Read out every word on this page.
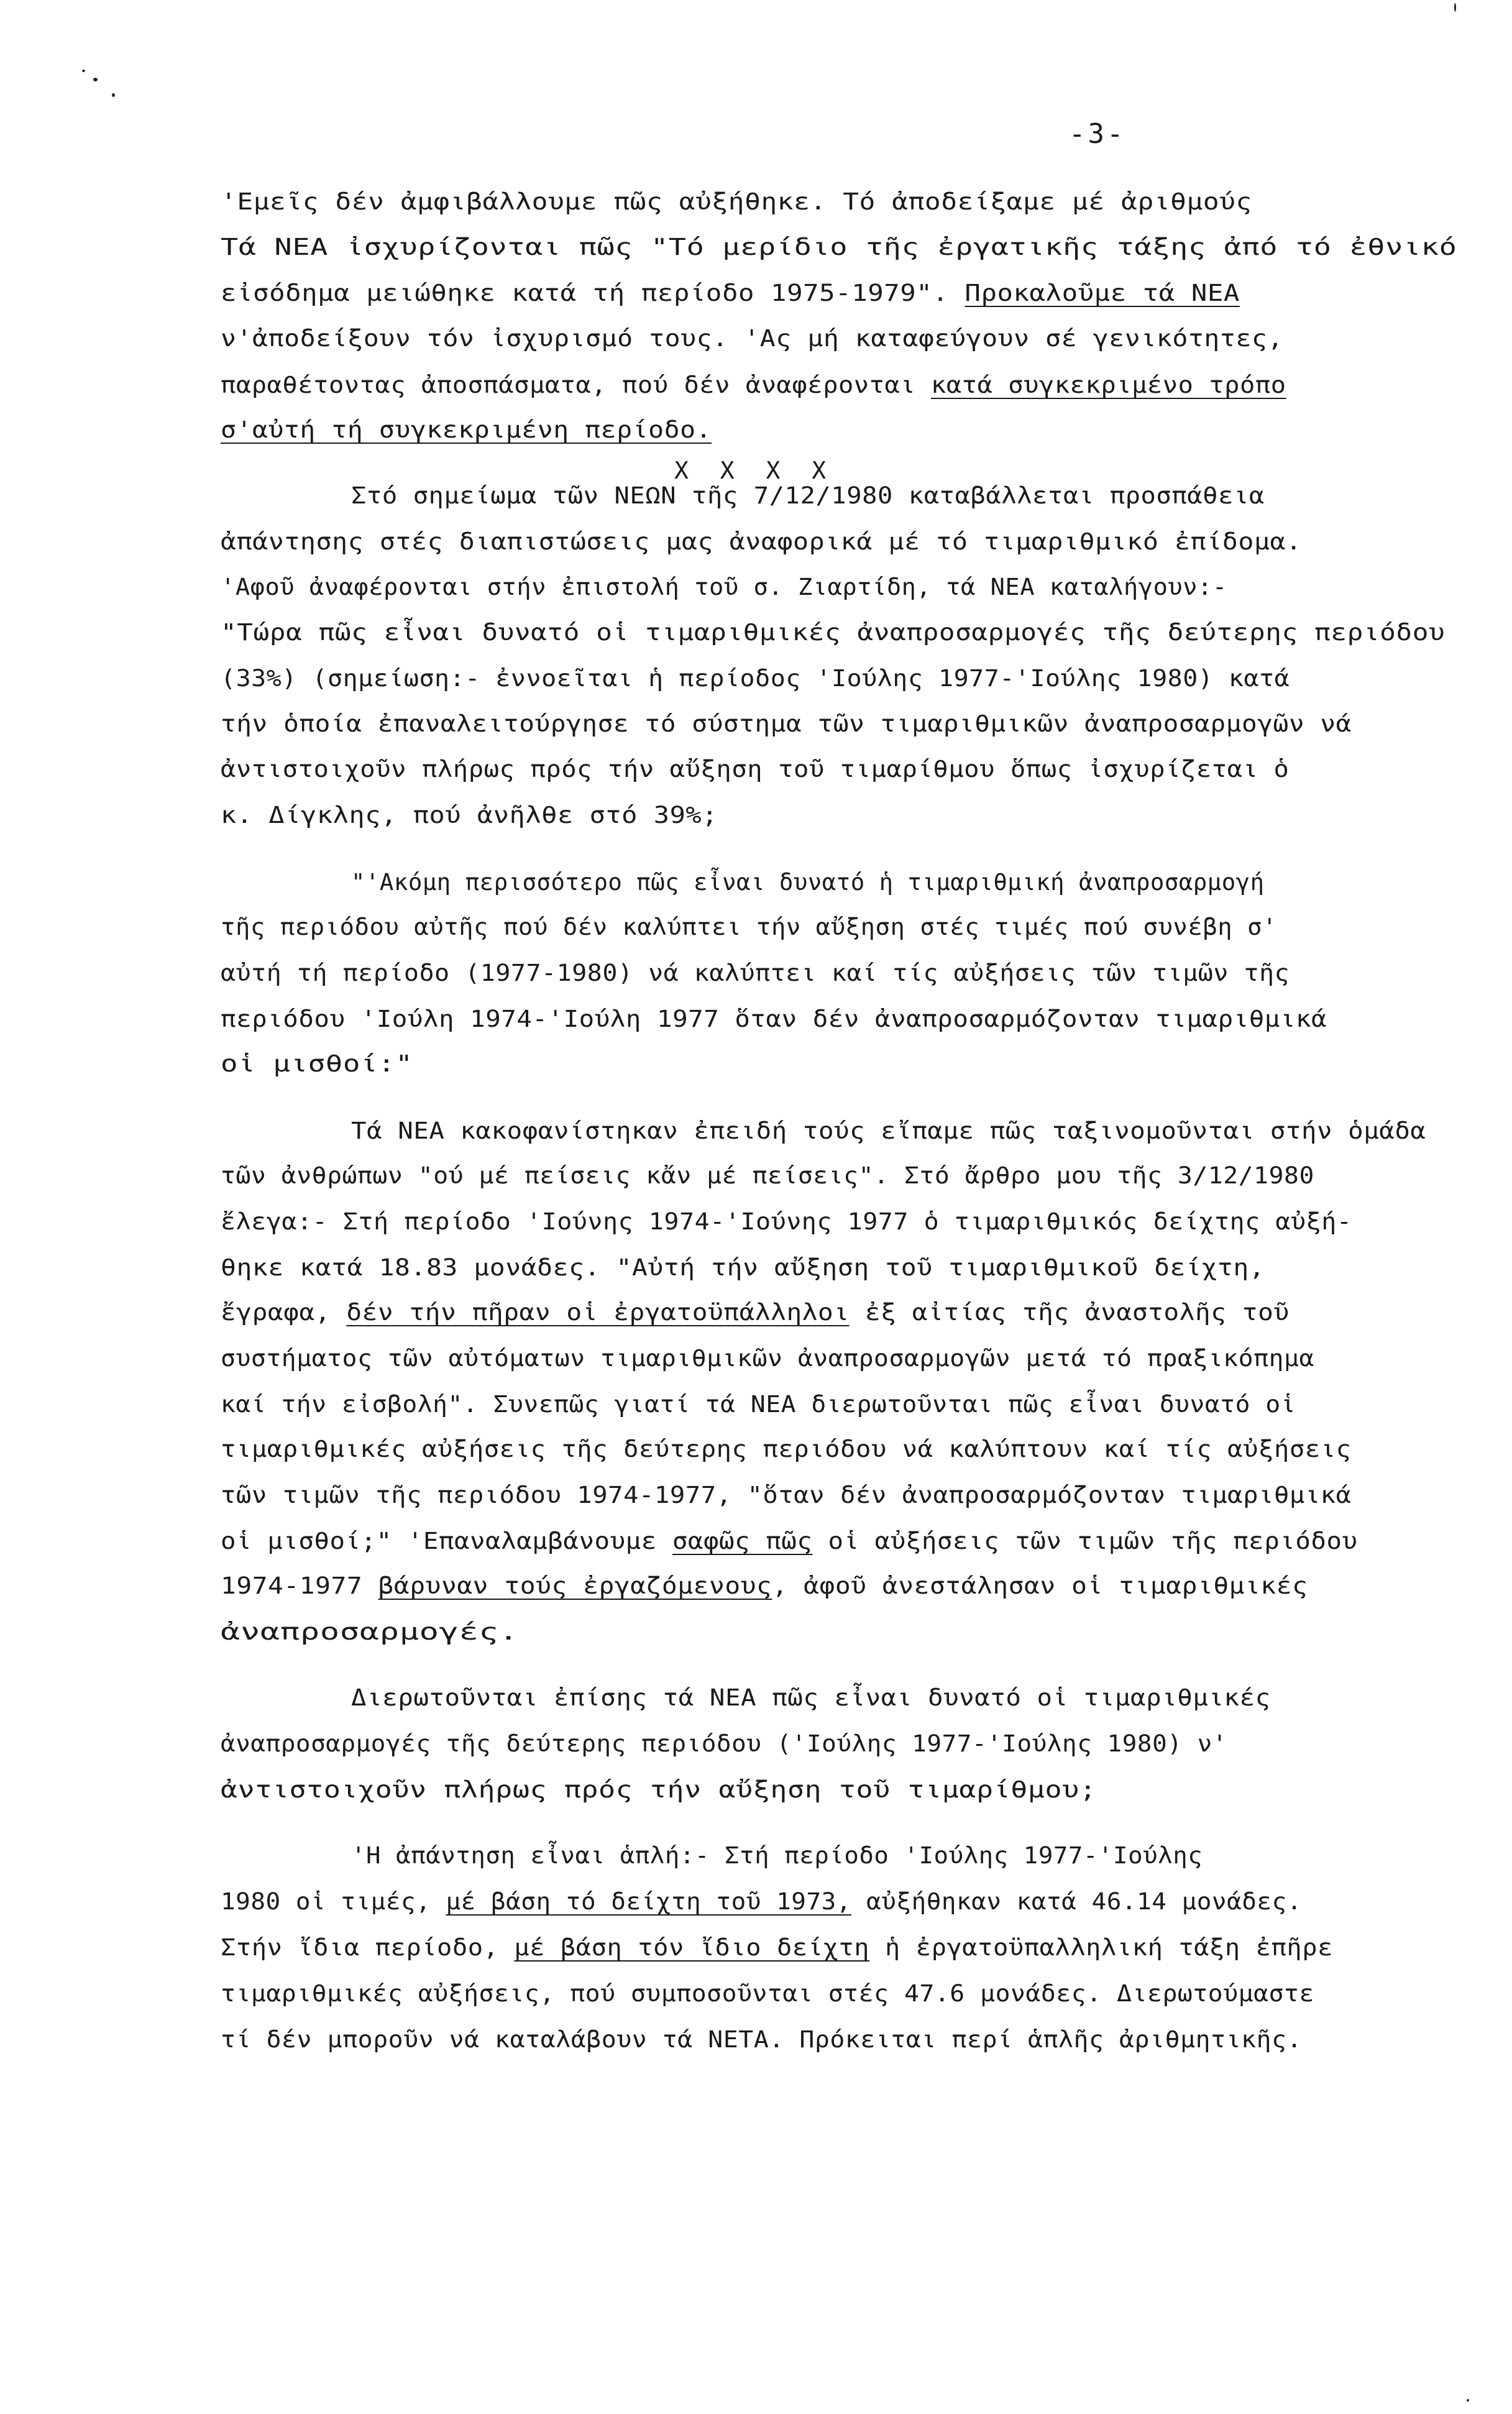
-3-
X X X X
'Εμεῖς δέν ἀμφιβάλλουμε πῶς αὐξήθηκε. Τό ἀποδείξαμε μέ ἀριθμούς
Τά ΝΕΑ ἰσχυρίζονται πῶς "Τό μερίδιο τῆς ἐργατικῆς τάξης ἀπό τό ἐθνικό
εἰσόδημα μειώθηκε κατά τή περίοδο 1975-1979". Προκαλοῦμε τά ΝΕΑ
ν'ἀποδείξουν τόν ἰσχυρισμό τους. 'Ας μή καταφεύγουν σέ γενικότητες,
παραθέτοντας ἀποσπάσματα, πού δέν ἀναφέρονται κατά συγκεκριμένο τρόπο
σ'αὐτή τή συγκεκριμένη περίοδο.
Στό σημείωμα τῶν ΝΕΩΝ τῆς 7/12/1980 καταβάλλεται προσπάθεια
ἀπάντησης στές διαπιστώσεις μας ἀναφορικά μέ τό τιμαριθμικό ἐπίδομα.
'Αφοῦ ἀναφέρονται στήν ἐπιστολή τοῦ σ. Ζιαρτίδη, τά ΝΕΑ καταλήγουν:-
"Τώρα πῶς εἶναι δυνατό οἱ τιμαριθμικές ἀναπροσαρμογές τῆς δεύτερης περιόδου
(33%) (σημείωση:- ἐννοεῖται ἡ περίοδος 'Ιούλης 1977-'Ιούλης 1980) κατά
τήν ὁποία ἐπαναλειτούργησε τό σύστημα τῶν τιμαριθμικῶν ἀναπροσαρμογῶν νά
ἀντιστοιχοῦν πλήρως πρός τήν αὔξηση τοῦ τιμαρίθμου ὅπως ἰσχυρίζεται ὁ
κ. Δίγκλης, πού ἀνῆλθε στό 39%;
"'Ακόμη περισσότερο πῶς εἶναι δυνατό ἡ τιμαριθμική ἀναπροσαρμογή
τῆς περιόδου αὐτῆς πού δέν καλύπτει τήν αὔξηση στές τιμές πού συνέβη σ'
αὐτή τή περίοδο (1977-1980) νά καλύπτει καί τίς αὐξήσεις τῶν τιμῶν τῆς
περιόδου 'Ιούλη 1974-'Ιούλη 1977 ὅταν δέν ἀναπροσαρμόζονταν τιμαριθμικά
οἱ μισθοί:"
Τά ΝΕΑ κακοφανίστηκαν ἐπειδή τούς εἴπαμε πῶς ταξινομοῦνται στήν ὁμάδα
τῶν ἀνθρώπων "ού μέ πείσεις κἄν μέ πείσεις". Στό ἄρθρο μου τῆς 3/12/1980
ἔλεγα:- Στή περίοδο 'Ιούνης 1974-'Ιούνης 1977 ὁ τιμαριθμικός δείχτης αὐξή-
θηκε κατά 18.83 μονάδες. "Αὐτή τήν αὔξηση τοῦ τιμαριθμικοῦ δείχτη,
ἔγραφα, δέν τήν πῆραν οἱ ἐργατοϋπάλληλοι ἐξ αἰτίας τῆς ἀναστολῆς τοῦ
συστήματος τῶν αὐτόματων τιμαριθμικῶν ἀναπροσαρμογῶν μετά τό πραξικόπημα
καί τήν εἰσβολή". Συνεπῶς γιατί τά ΝΕΑ διερωτοῦνται πῶς εἶναι δυνατό οἱ
τιμαριθμικές αὐξήσεις τῆς δεύτερης περιόδου νά καλύπτουν καί τίς αὐξήσεις
τῶν τιμῶν τῆς περιόδου 1974-1977, "ὅταν δέν ἀναπροσαρμόζονταν τιμαριθμικά
οἱ μισθοί;" 'Επαναλαμβάνουμε σαφῶς πῶς οἱ αὐξήσεις τῶν τιμῶν τῆς περιόδου
1974-1977 βάρυναν τούς ἐργαζόμενους, ἀφοῦ ἀνεστάλησαν οἱ τιμαριθμικές
ἀναπροσαρμογές.
Διερωτοῦνται ἐπίσης τά ΝΕΑ πῶς εἶναι δυνατό οἱ τιμαριθμικές
ἀναπροσαρμογές τῆς δεύτερης περιόδου ('Ιούλης 1977-'Ιούλης 1980) ν'
ἀντιστοιχοῦν πλήρως πρός τήν αὔξηση τοῦ τιμαρίθμου;
'Η ἀπάντηση εἶναι ἁπλή:- Στή περίοδο 'Ιούλης 1977-'Ιούλης
1980 οἱ τιμές, μέ βάση τό δείχτη τοῦ 1973, αὐξήθηκαν κατά 46.14 μονάδες.
Στήν ἴδια περίοδο, μέ βάση τόν ἴδιο δείχτη ἡ ἐργατοϋπαλληλική τάξη ἐπῆρε
τιμαριθμικές αὐξήσεις, πού συμποσοῦνται στές 47.6 μονάδες. Διερωτούμαστε
τί δέν μποροῦν νά καταλάβουν τά ΝΕΤΑ. Πρόκειται περί ἁπλῆς ἀριθμητικῆς.
